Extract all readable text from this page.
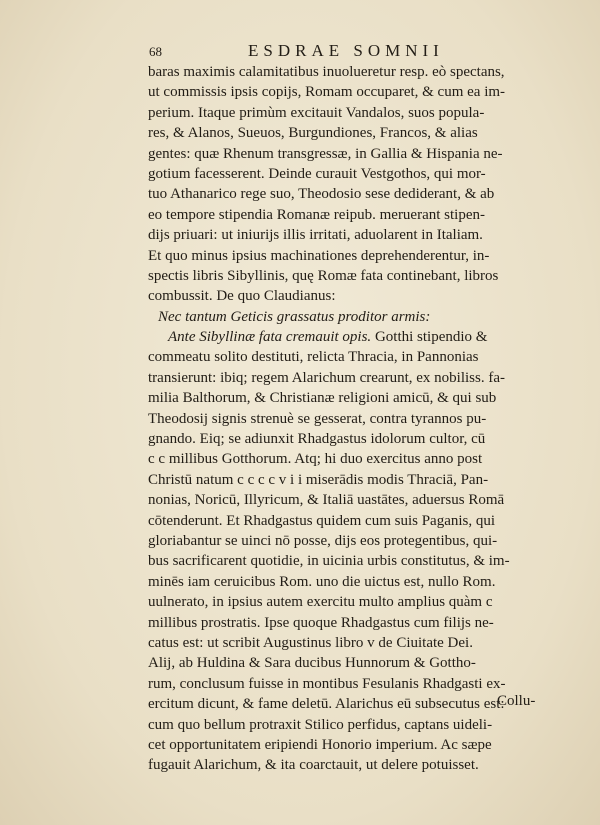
68	ESDRAE SOMNII
baras maximis calamitatibus inuolueretur resp. eò spectans,
ut commissis ipsis copijs, Romam occuparet, & cum ea im-
perium. Itaque primùm excitauit Vandalos, suos popula-
res, & Alanos, Sueuos, Burgundiones, Francos, & alias
gentes: quæ Rhenum transgressæ, in Gallia & Hispania ne-
gotium facesserent. Deinde curauit Vestgothos, qui mor-
tuo Athanarico rege suo, Theodosio sese dediderant, & ab
eo tempore stipendia Romanæ reipub. meruerant stipen-
dijs priuari: ut iniurijs illis irritati, aduolarent in Italiam.
Et quo minus ipsius machinationes deprehenderentur, in-
spectis libris Sibyllinis, quę Romæ fata continebant, libros
combussit. De quo Claudianus:
Nec tantum Geticis grassatus proditor armis:
Ante Sibyllinæ fata cremauit opis. Gotthi stipendio &
commeatu solito destituti, relicta Thracia, in Pannonias
transierunt: ibiq; regem Alarichum crearunt, ex nobiliss. fa-
milia Balthorum, & Christianæ religioni amicū, & qui sub
Theodosij signis strenuè se gesserat, contra tyrannos pu-
gnando. Eiq; se adiunxit Rhadgastus idolorum cultor, cū
c c millibus Gotthorum. Atq; hi duo exercitus anno post
Christū natum c c c c v i i miserādis modis Thraciā, Pan-
nonias, Noricū, Illyricum, & Italiā uastātes, aduersus Romā
cōtenderunt. Et Rhadgastus quidem cum suis Paganis, qui
gloriabantur se uinci nō posse, dijs eos protegentibus, qui-
bus sacrificarent quotidie, in uicinia urbis constitutus, & im-
minēs iam ceruicibus Rom. uno die uictus est, nullo Rom.
uulnerato, in ipsius autem exercitu multo amplius quàm c
millibus prostratis. Ipse quoque Rhadgastus cum filijs ne-
catus est: ut scribit Augustinus libro v de Ciuitate Dei.
Alij, ab Huldina & Sara ducibus Hunnorum & Gottho-
rum, conclusum fuisse in montibus Fesulanis Rhadgasti ex-
ercitum dicunt, & fame deletū. Alarichus eū subsecutus est:
cum quo bellum protraxit Stilico perfidus, captans uideli-
cet opportunitatem eripiendi Honorio imperium. Ac sæpe
fugauit Alarichum, & ita coarctauit, ut delere potuisset.
Collu-
